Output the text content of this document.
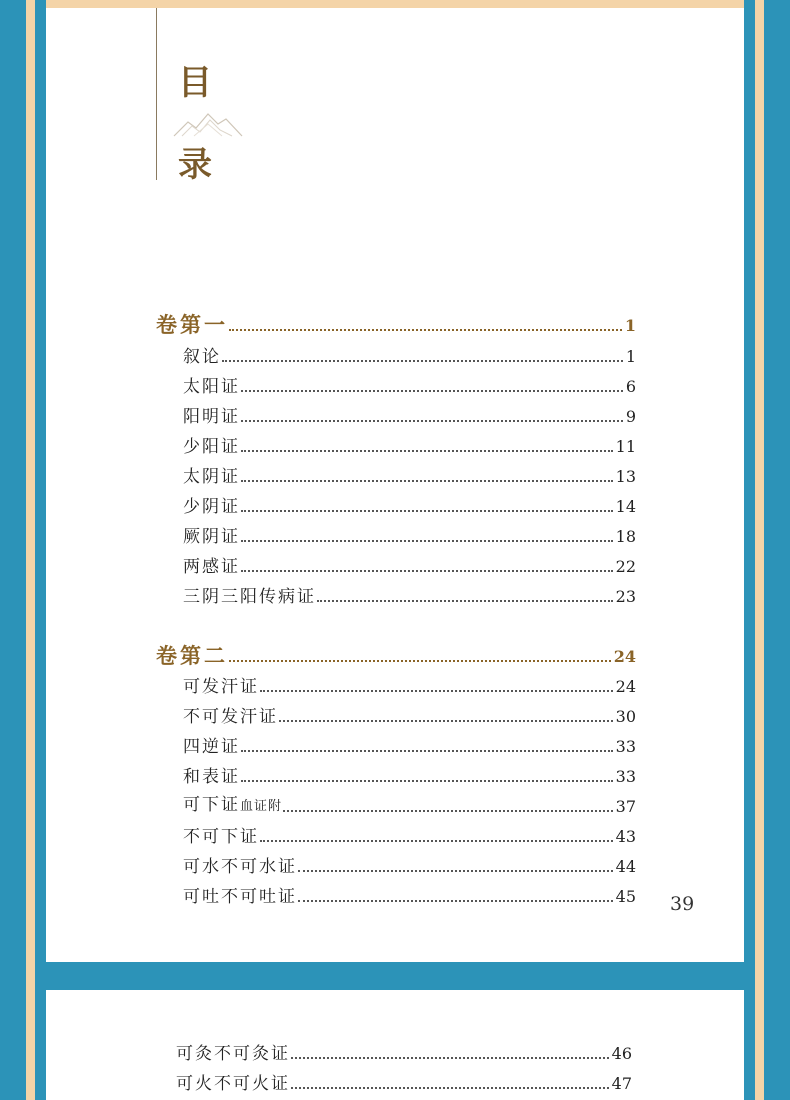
目
录
卷第一	1
叙论	1
太阳证	6
阳明证	9
少阳证	11
太阴证	13
少阴证	14
厥阴证	18
两感证	22
三阴三阳传病证	23
卷第二	24
可发汗证	24
不可发汗证	30
四逆证	33
和表证	33
可下证血证附	37
不可下证	43
可水不可水证	44
可吐不可吐证	45 39
可灸不可灸证	46
可火不可火证	47
